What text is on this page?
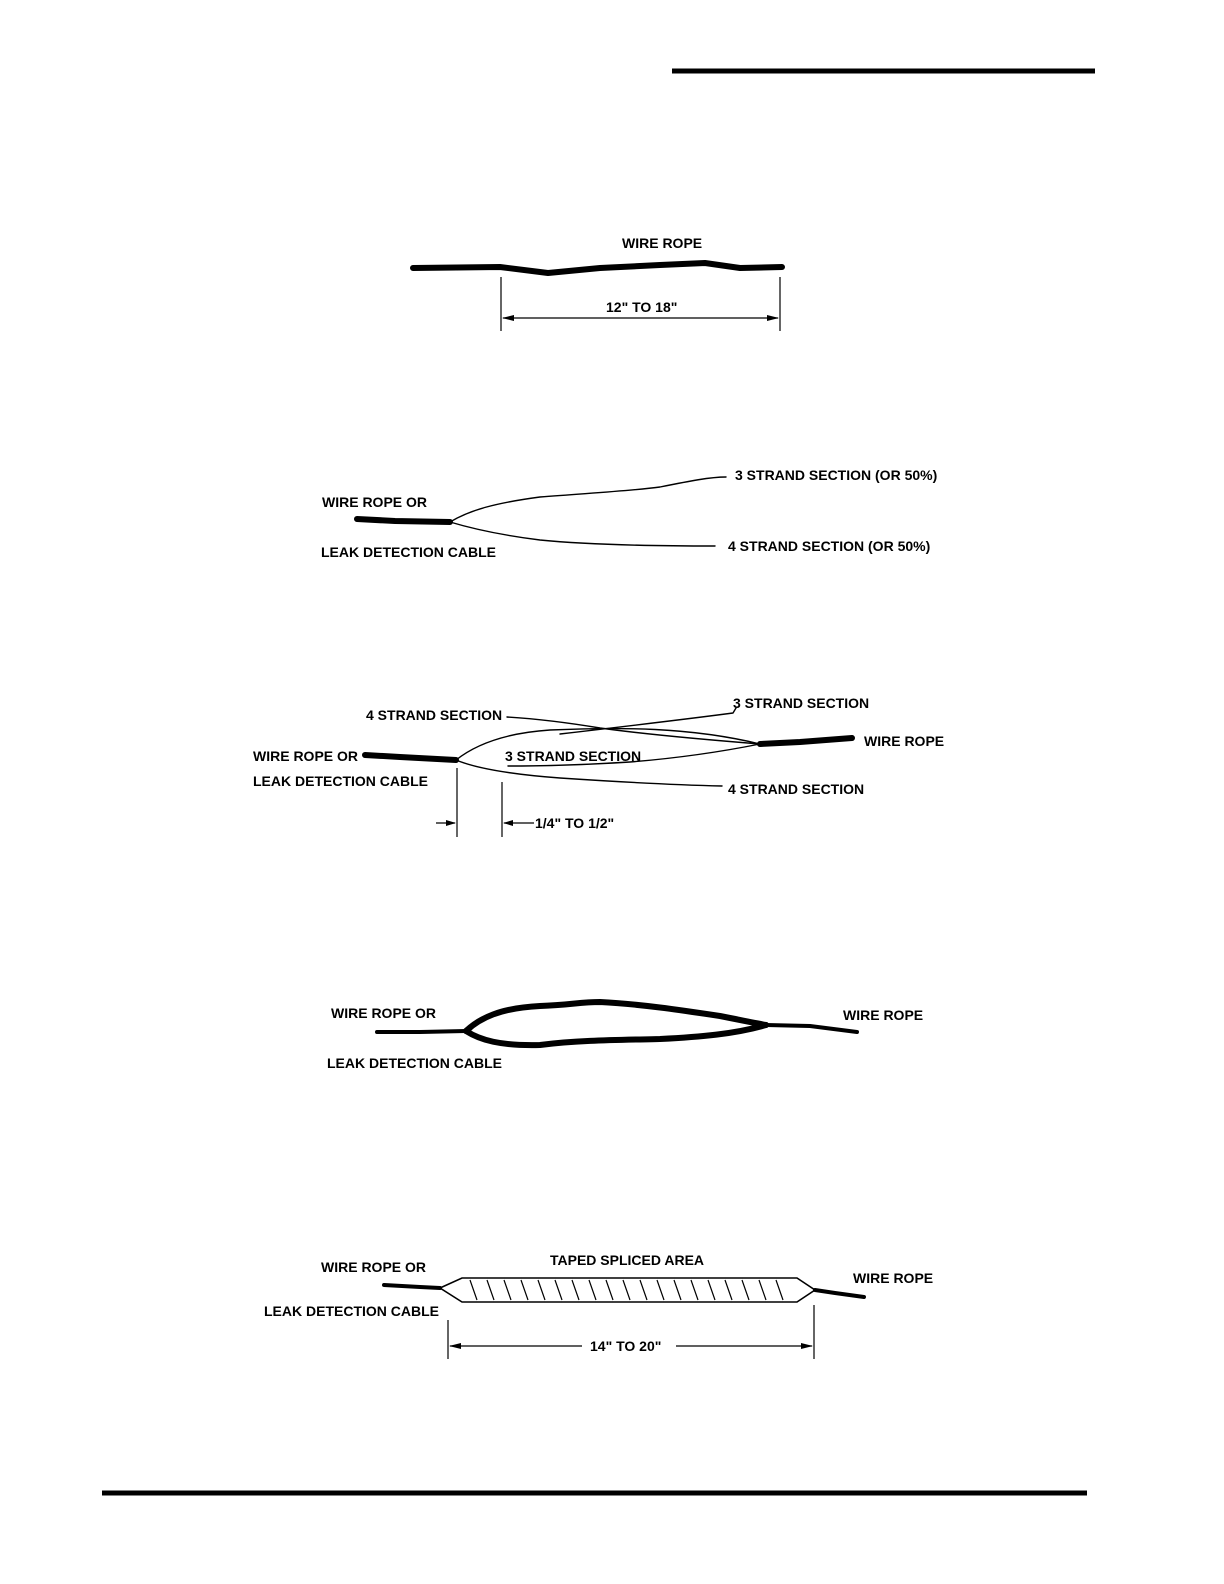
WIRE ROPE
12" TO 18"
WIRE ROPE OR
LEAK DETECTION CABLE
3 STRAND SECTION (OR 50%)
4 STRAND SECTION (OR 50%)
4 STRAND SECTION
3 STRAND SECTION
3 STRAND SECTION
4 STRAND SECTION
WIRE ROPE OR
LEAK DETECTION CABLE
WIRE ROPE
1/4" TO 1/2"
WIRE ROPE OR
LEAK DETECTION CABLE
WIRE ROPE
TAPED SPLICED AREA
WIRE ROPE OR
LEAK DETECTION CABLE
WIRE ROPE
14" TO 20"
